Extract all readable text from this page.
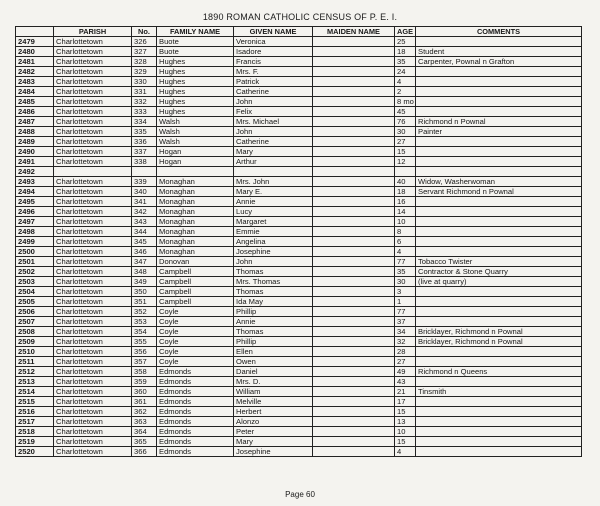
1890 ROMAN CATHOLIC CENSUS OF P. E. I.
	PARISH	No.	FAMILY NAME	GIVEN NAME	MAIDEN NAME	AGE	COMMENTS
2479	Charlottetown	326	Buote	Veronica		25	
2480	Charlottetown	327	Buote	Isadore		18	Student
2481	Charlottetown	328	Hughes	Francis		35	Carpenter, Pownal n Grafton
2482	Charlottetown	329	Hughes	Mrs. F.		24	
2483	Charlottetown	330	Hughes	Patrick		4	
2484	Charlottetown	331	Hughes	Catherine		2	
2485	Charlottetown	332	Hughes	John		8 mo	
2486	Charlottetown	333	Hughes	Felix		45	
2487	Charlottetown	334	Walsh	Mrs. Michael		76	Richmond n Pownal
2488	Charlottetown	335	Walsh	John		30	Painter
2489	Charlottetown	336	Walsh	Catherine		27	
2490	Charlottetown	337	Hogan	Mary		15	
2491	Charlottetown	338	Hogan	Arthur		12	
2492							
2493	Charlottetown	339	Monaghan	Mrs. John		40	Widow, Washerwoman
2494	Charlottetown	340	Monaghan	Mary E.		18	Servant Richmond n Pownal
2495	Charlottetown	341	Monaghan	Annie		16	
2496	Charlottetown	342	Monaghan	Lucy		14	
2497	Charlottetown	343	Monaghan	Margaret		10	
2498	Charlottetown	344	Monaghan	Emmie		8	
2499	Charlottetown	345	Monaghan	Angelina		6	
2500	Charlottetown	346	Monaghan	Josephine		4	
2501	Charlottetown	347	Donovan	John		77	Tobacco Twister
2502	Charlottetown	348	Campbell	Thomas		35	Contractor & Stone Quarry
2503	Charlottetown	349	Campbell	Mrs. Thomas		30	(live at quarry)
2504	Charlottetown	350	Campbell	Thomas		3	
2505	Charlottetown	351	Campbell	Ida May		1	
2506	Charlottetown	352	Coyle	Phillip		77	
2507	Charlottetown	353	Coyle	Annie		37	
2508	Charlottetown	354	Coyle	Thomas		34	Bricklayer, Richmond n Pownal
2509	Charlottetown	355	Coyle	Phillip		32	Bricklayer, Richmond n Pownal
2510	Charlottetown	356	Coyle	Ellen		28	
2511	Charlottetown	357	Coyle	Owen		27	
2512	Charlottetown	358	Edmonds	Daniel		49	Richmond n Queens
2513	Charlottetown	359	Edmonds	Mrs. D.		43	
2514	Charlottetown	360	Edmonds	William		21	Tinsmith
2515	Charlottetown	361	Edmonds	Melville		17	
2516	Charlottetown	362	Edmonds	Herbert		15	
2517	Charlottetown	363	Edmonds	Alonzo		13	
2518	Charlottetown	364	Edmonds	Peter		10	
2519	Charlottetown	365	Edmonds	Mary		15	
2520	Charlottetown	366	Edmonds	Josephine		4	
Page 60
